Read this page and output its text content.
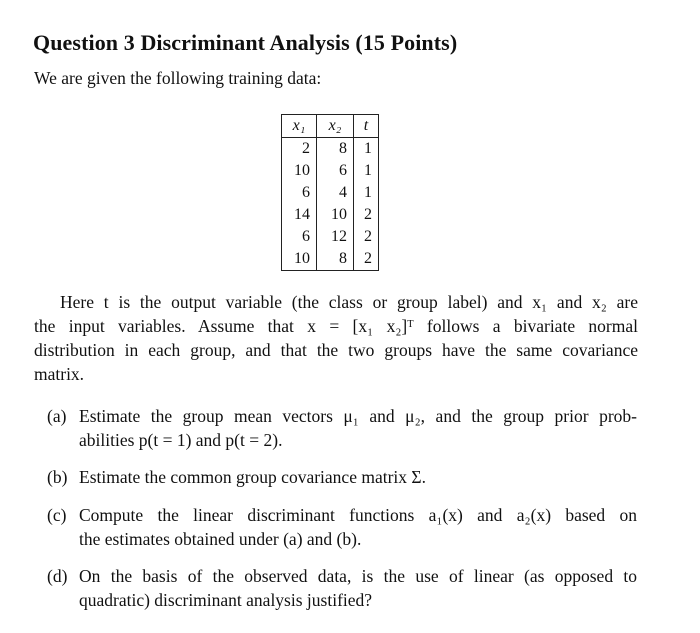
Question 3 Discriminant Analysis (15 Points)
We are given the following training data:
x₁	x₂	t
2	8	1
10	6	1
6	4	1
14	10	2
6	12	2
10	8	2
Here t is the output variable (the class or group label) and x₁ and x₂ are
the input variables. Assume that x = [x₁ x₂]ᵀ follows a bivariate normal
distribution in each group, and that the two groups have the same covariance
matrix.
(a) Estimate the group mean vectors μ₁ and μ₂, and the group prior prob-
abilities p(t = 1) and p(t = 2).
(b) Estimate the common group covariance matrix Σ.
(c) Compute the linear discriminant functions a₁(x) and a₂(x) based on
the estimates obtained under (a) and (b).
(d) On the basis of the observed data, is the use of linear (as opposed to
quadratic) discriminant analysis justified?
